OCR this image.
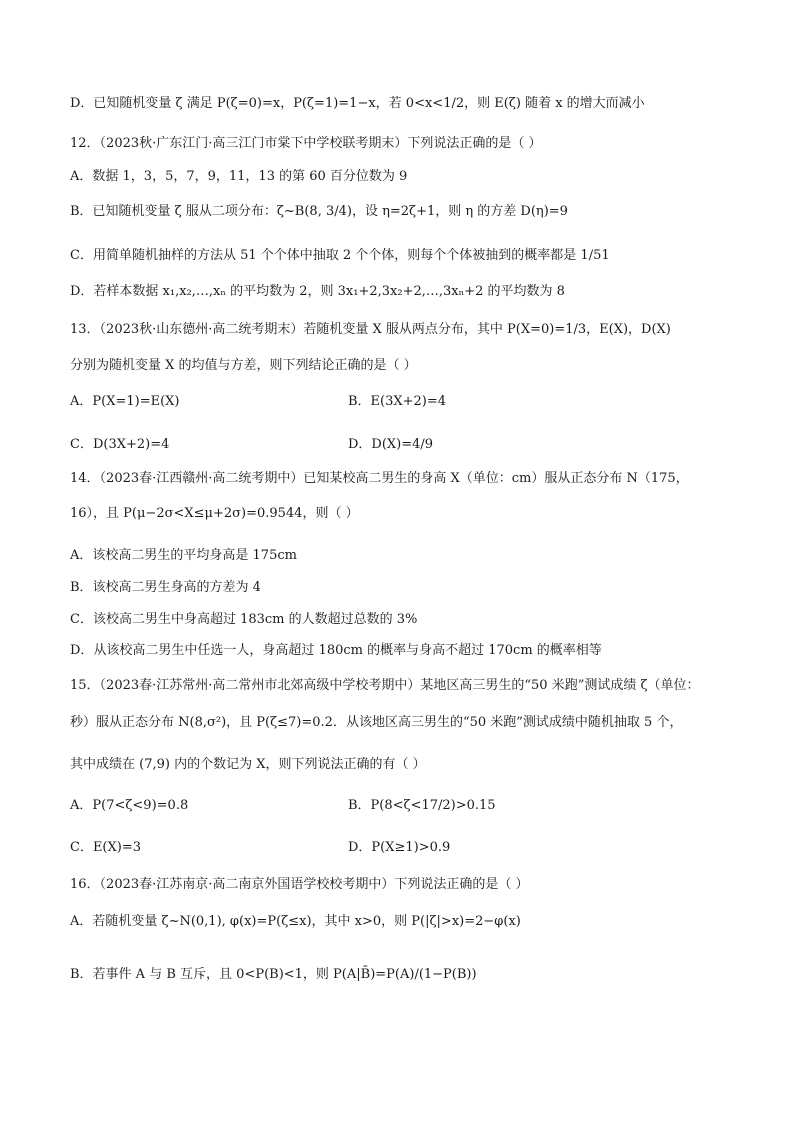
D．已知随机变量 ζ 满足 P(ζ=0)=x，P(ζ=1)=1−x，若 0<x<1/2，则 E(ζ) 随着 x 的增大而减小
12．（2023秋·广东江门·高三江门市棠下中学校联考期末）下列说法正确的是（ ）
A．数据 1，3，5，7，9，11，13 的第 60 百分位数为 9
B．已知随机变量 ζ 服从二项分布：ζ~B(8, 3/4)，设 η=2ζ+1，则 η 的方差 D(η)=9
C．用简单随机抽样的方法从 51 个个体中抽取 2 个个体，则每个个体被抽到的概率都是 1/51
D．若样本数据 x₁,x₂,…,xₙ 的平均数为 2，则 3x₁+2,3x₂+2,…,3xₙ+2 的平均数为 8
13．（2023秋·山东德州·高二统考期末）若随机变量 X 服从两点分布，其中 P(X=0)=1/3，E(X)，D(X)
分别为随机变量 X 的均值与方差，则下列结论正确的是（ ）
A．P(X=1)=E(X)	B．E(3X+2)=4
C．D(3X+2)=4	D．D(X)=4/9
14．（2023春·江西赣州·高二统考期中）已知某校高二男生的身高 X（单位：cm）服从正态分布 N（175，
16），且 P(μ−2σ<X≤μ+2σ)=0.9544，则（ ）
A．该校高二男生的平均身高是 175cm
B．该校高二男生身高的方差为 4
C．该校高二男生中身高超过 183cm 的人数超过总数的 3%
D．从该校高二男生中任选一人，身高超过 180cm 的概率与身高不超过 170cm 的概率相等
15．（2023春·江苏常州·高二常州市北郊高级中学校考期中）某地区高三男生的“50 米跑”测试成绩 ζ（单位：
秒）服从正态分布 N(8,σ²)，且 P(ζ≤7)=0.2．从该地区高三男生的“50 米跑”测试成绩中随机抽取 5 个，
其中成绩在 (7,9) 内的个数记为 X，则下列说法正确的有（ ）
A．P(7<ζ<9)=0.8	B．P(8<ζ<17/2)>0.15
C．E(X)=3	D．P(X≥1)>0.9
16．（2023春·江苏南京·高二南京外国语学校校考期中）下列说法正确的是（ ）
A．若随机变量 ζ~N(0,1), φ(x)=P(ζ≤x)，其中 x>0，则 P(|ζ|>x)=2−φ(x)
B．若事件 A 与 B 互斥，且 0<P(B)<1，则 P(A|B̄)=P(A)/(1−P(B))
